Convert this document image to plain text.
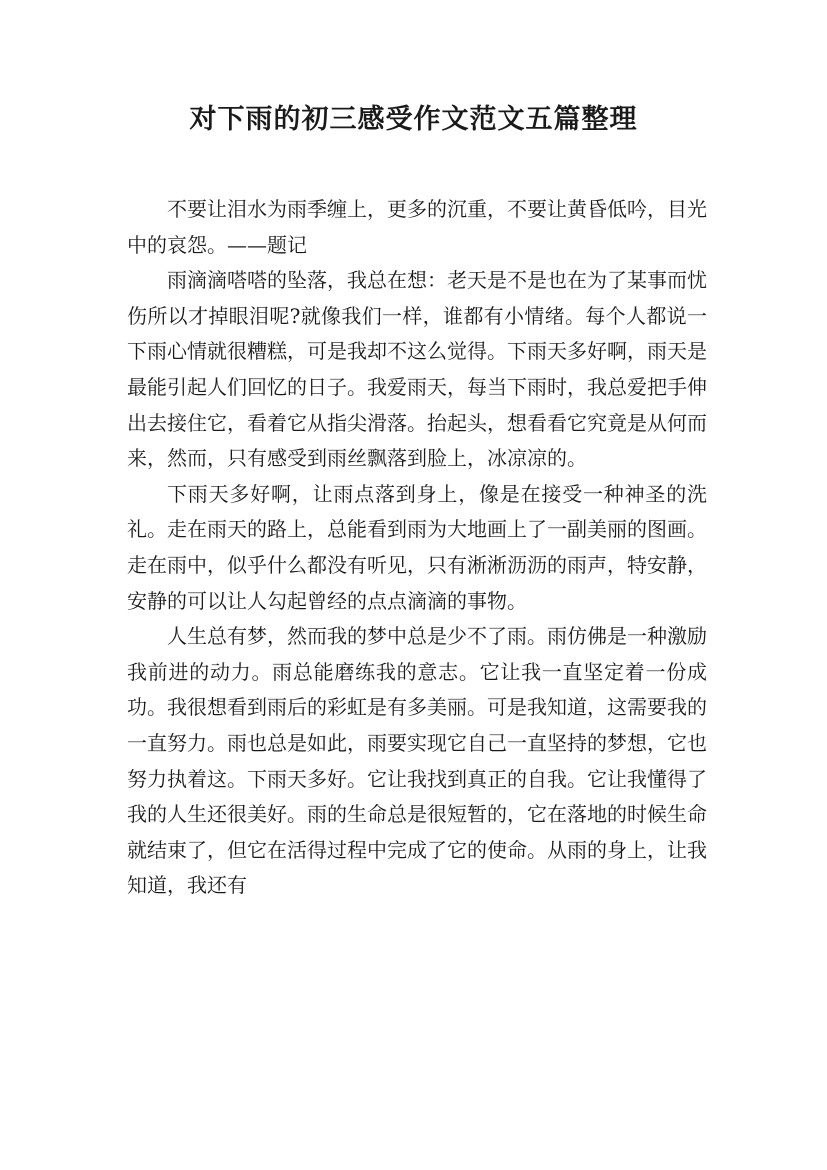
对下雨的初三感受作文范文五篇整理

不要让泪水为雨季缠上，更多的沉重，不要让黄昏低吟，目光中的哀怨。——题记

雨滴滴嗒嗒的坠落，我总在想：老天是不是也在为了某事而忧伤所以才掉眼泪呢?就像我们一样，谁都有小情绪。每个人都说一下雨心情就很糟糕，可是我却不这么觉得。下雨天多好啊，雨天是最能引起人们回忆的日子。我爱雨天，每当下雨时，我总爱把手伸出去接住它，看着它从指尖滑落。抬起头，想看看它究竟是从何而来，然而，只有感受到雨丝飘落到脸上，冰凉凉的。

下雨天多好啊，让雨点落到身上，像是在接受一种神圣的洗礼。走在雨天的路上，总能看到雨为大地画上了一副美丽的图画。走在雨中，似乎什么都没有听见，只有淅淅沥沥的雨声，特安静，安静的可以让人勾起曾经的点点滴滴的事物。

人生总有梦，然而我的梦中总是少不了雨。雨仿佛是一种激励我前进的动力。雨总能磨练我的意志。它让我一直坚定着一份成功。我很想看到雨后的彩虹是有多美丽。可是我知道，这需要我的一直努力。雨也总是如此，雨要实现它自己一直坚持的梦想，它也努力执着这。下雨天多好。它让我找到真正的自我。它让我懂得了我的人生还很美好。雨的生命总是很短暂的，它在落地的时候生命就结束了，但它在活得过程中完成了它的使命。从雨的身上，让我知道，我还有
